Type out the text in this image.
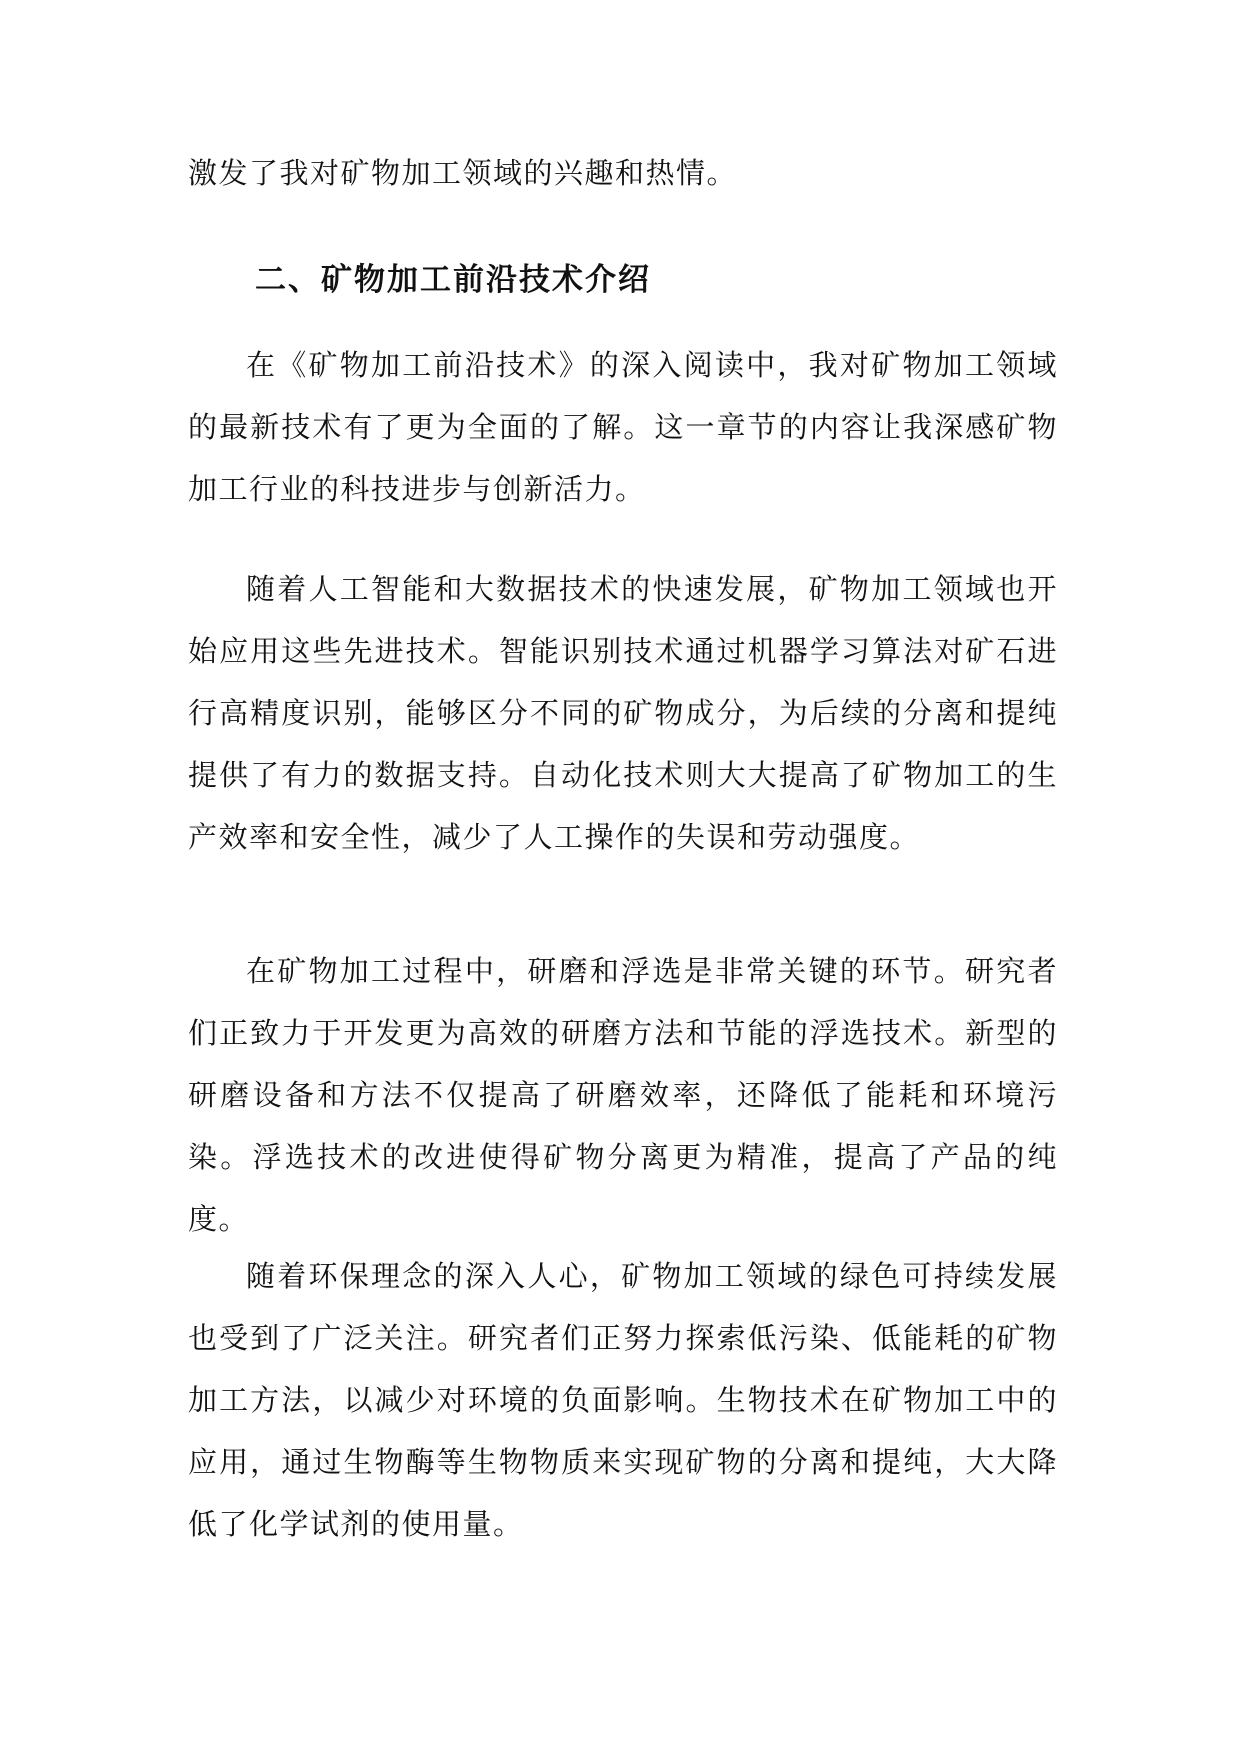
激发了我对矿物加工领域的兴趣和热情。

二、矿物加工前沿技术介绍

在《矿物加工前沿技术》的深入阅读中，我对矿物加工领域的最新技术有了更为全面的了解。这一章节的内容让我深感矿物加工行业的科技进步与创新活力。

随着人工智能和大数据技术的快速发展，矿物加工领域也开始应用这些先进技术。智能识别技术通过机器学习算法对矿石进行高精度识别，能够区分不同的矿物成分，为后续的分离和提纯提供了有力的数据支持。自动化技术则大大提高了矿物加工的生产效率和安全性，减少了人工操作的失误和劳动强度。

在矿物加工过程中，研磨和浮选是非常关键的环节。研究者们正致力于开发更为高效的研磨方法和节能的浮选技术。新型的研磨设备和方法不仅提高了研磨效率，还降低了能耗和环境污染。浮选技术的改进使得矿物分离更为精准，提高了产品的纯度。

随着环保理念的深入人心，矿物加工领域的绿色可持续发展也受到了广泛关注。研究者们正努力探索低污染、低能耗的矿物加工方法，以减少对环境的负面影响。生物技术在矿物加工中的应用，通过生物酶等生物物质来实现矿物的分离和提纯，大大降低了化学试剂的使用量。
